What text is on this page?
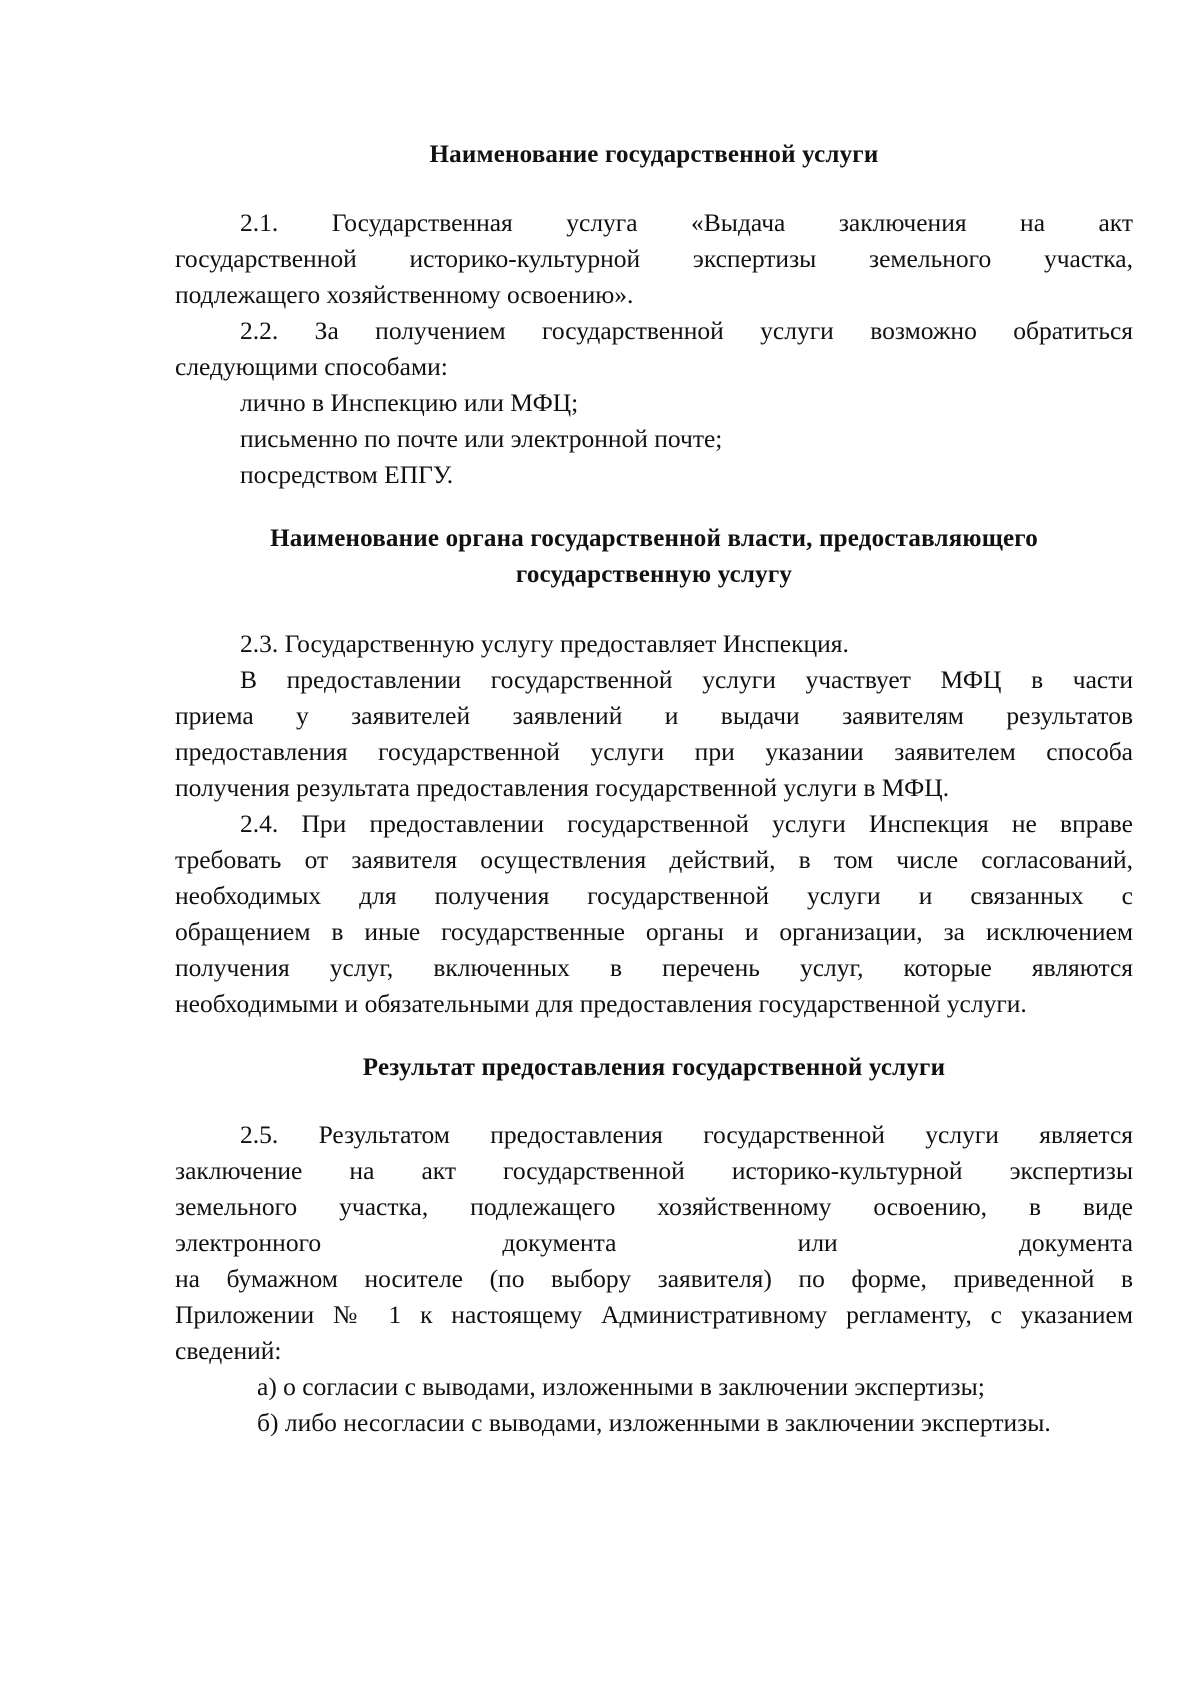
Наименование государственной услуги
2.1. Государственная услуга «Выдача заключения на акт
государственной историко-культурной экспертизы земельного участка,
подлежащего хозяйственному освоению».
2.2. За получением государственной услуги возможно обратиться
следующими способами:
лично в Инспекцию или МФЦ;
письменно по почте или электронной почте;
посредством ЕПГУ.
Наименование органа государственной власти, предоставляющего
государственную услугу
2.3. Государственную услугу предоставляет Инспекция.
В предоставлении государственной услуги участвует МФЦ в части
приема у заявителей заявлений и выдачи заявителям результатов
предоставления государственной услуги при указании заявителем способа
получения результата предоставления государственной услуги в МФЦ.
2.4. При предоставлении государственной услуги Инспекция не вправе
требовать от заявителя осуществления действий, в том числе согласований,
необходимых для получения государственной услуги и связанных с
обращением в иные государственные органы и организации, за исключением
получения услуг, включенных в перечень услуг, которые являются
необходимыми и обязательными для предоставления государственной услуги.
Результат предоставления государственной услуги
2.5. Результатом предоставления государственной услуги является
заключение на акт государственной историко-культурной экспертизы
земельного участка, подлежащего хозяйственному освоению, в виде
электронного документа или документа
на бумажном носителе (по выбору заявителя) по форме, приведенной в
Приложении № 1 к настоящему Административному регламенту, с указанием
сведений:
а) о согласии с выводами, изложенными в заключении экспертизы;
б) либо несогласии с выводами, изложенными в заключении экспертизы.
